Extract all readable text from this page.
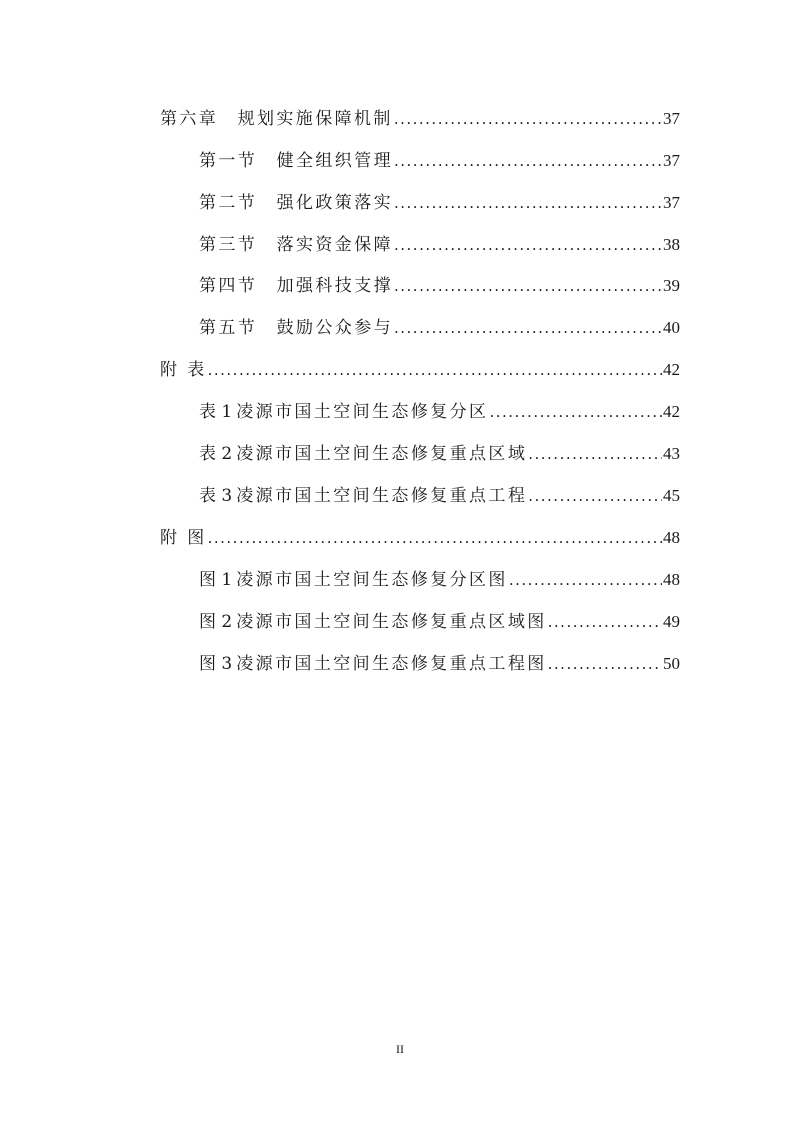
第六章　规划实施保障机制 .....	37
第一节　健全组织管理 .....	37
第二节　强化政策落实 .....	37
第三节　落实资金保障 .....	38
第四节　加强科技支撑 .....	39
第五节　鼓励公众参与 .....	40
附 表 .....	42
表 1 凌源市国土空间生态修复分区 .....	42
表 2 凌源市国土空间生态修复重点区域 .....	43
表 3 凌源市国土空间生态修复重点工程 .....	45
附 图 .....	48
图 1 凌源市国土空间生态修复分区图 .....	48
图 2 凌源市国土空间生态修复重点区域图 .....	49
图 3 凌源市国土空间生态修复重点工程图 .....	50
II
